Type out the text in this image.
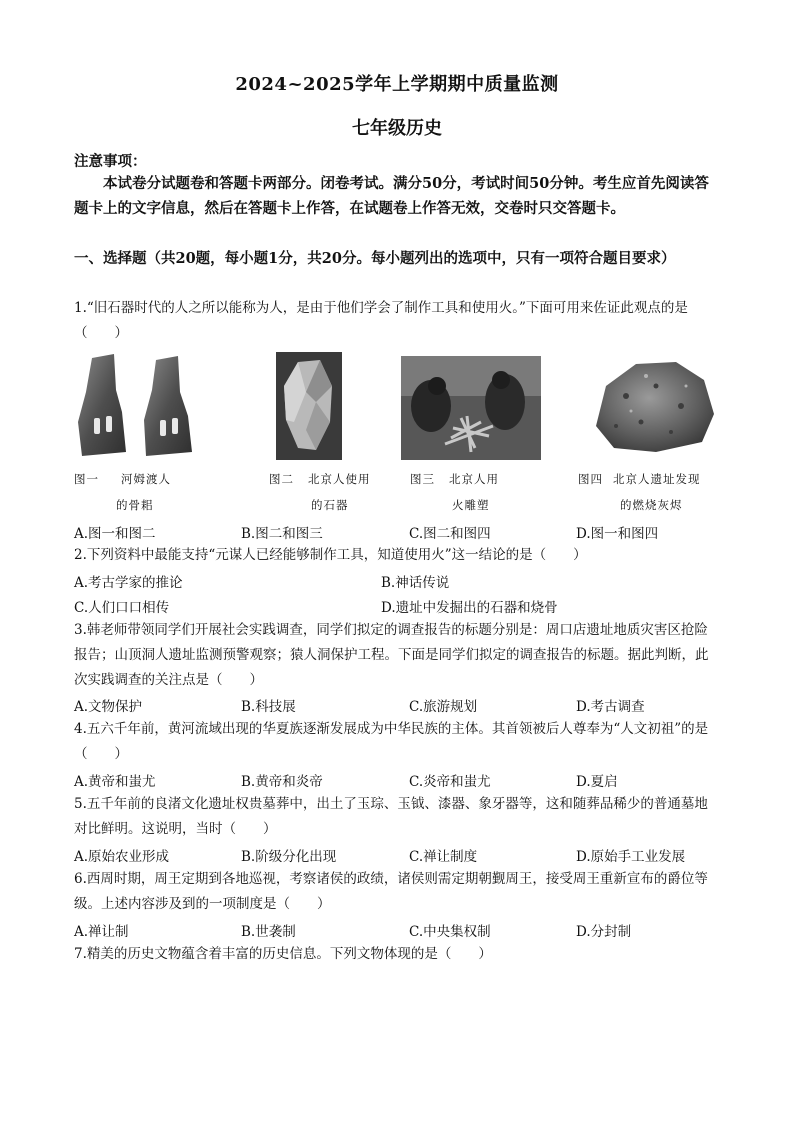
2024~2025学年上学期期中质量监测
七年级历史
注意事项：
本试卷分试题卷和答题卡两部分。闭卷考试。满分50分，考试时间50分钟。考生应首先阅读答题卡上的文字信息，然后在答题卡上作答，在试题卷上作答无效，交卷时只交答题卡。
一、选择题（共20题，每小题1分，共20分。每小题列出的选项中，只有一项符合题目要求）
1.“旧石器时代的人之所以能称为人，是由于他们学会了制作工具和使用火。”下面可用来佐证此观点的是（　　）
图一 河姆渡人
的骨耜
图二 北京人使用
的石器
图三 北京人用
火雕塑
图四 北京人遗址发现
的燃烧灰烬
A.图一和图二	B.图二和图三	C.图二和图四	D.图一和图四
2.下列资料中最能支持“元谋人已经能够制作工具，知道使用火”这一结论的是（　　）
A.考古学家的推论	B.神话传说
C.人们口口相传	D.遗址中发掘出的石器和烧骨
3.韩老师带领同学们开展社会实践调查，同学们拟定的调查报告的标题分别是：周口店遗址地质灾害区抢险报告；山顶洞人遗址监测预警观察；猿人洞保护工程。下面是同学们拟定的调查报告的标题。据此判断，此次实践调查的关注点是（　　）
A.文物保护	B.科技展	C.旅游规划	D.考古调查
4.五六千年前，黄河流域出现的华夏族逐渐发展成为中华民族的主体。其首领被后人尊奉为“人文初祖”的是（　　）
A.黄帝和蚩尤	B.黄帝和炎帝	C.炎帝和蚩尤	D.夏启
5.五千年前的良渚文化遗址权贵墓葬中，出土了玉琮、玉钺、漆器、象牙器等，这和随葬品稀少的普通墓地对比鲜明。这说明，当时（　　）
A.原始农业形成	B.阶级分化出现	C.禅让制度	D.原始手工业发展
6.西周时期，周王定期到各地巡视，考察诸侯的政绩，诸侯则需定期朝觐周王，接受周王重新宣布的爵位等级。上述内容涉及到的一项制度是（　　）
A.禅让制	B.世袭制	C.中央集权制	D.分封制
7.精美的历史文物蕴含着丰富的历史信息。下列文物体现的是（　　）
